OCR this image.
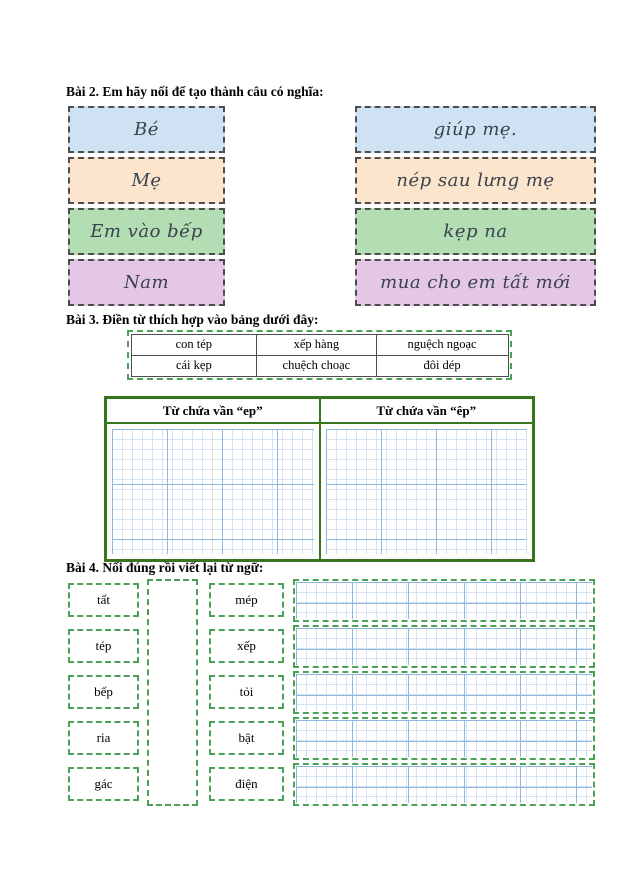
Bài 2. Em hãy nối để tạo thành câu có nghĩa:
Bé
Mẹ
Em vào bếp
Nam
giúp mẹ.
nép sau lưng mẹ
kẹp na
mua cho em tất mới
Bài 3. Điền từ thích hợp vào bảng dưới đây:
con tép	xếp hàng	nguệch ngoạc
cái kẹp	chuệch choạc	đôi dép
Từ chứa vần “ep”	Từ chứa vần “êp”
Bài 4. Nối đúng rồi viết lại từ ngữ:
tất
tép
bếp
ria
gác
mép
xếp
tỏi
bật
điện
